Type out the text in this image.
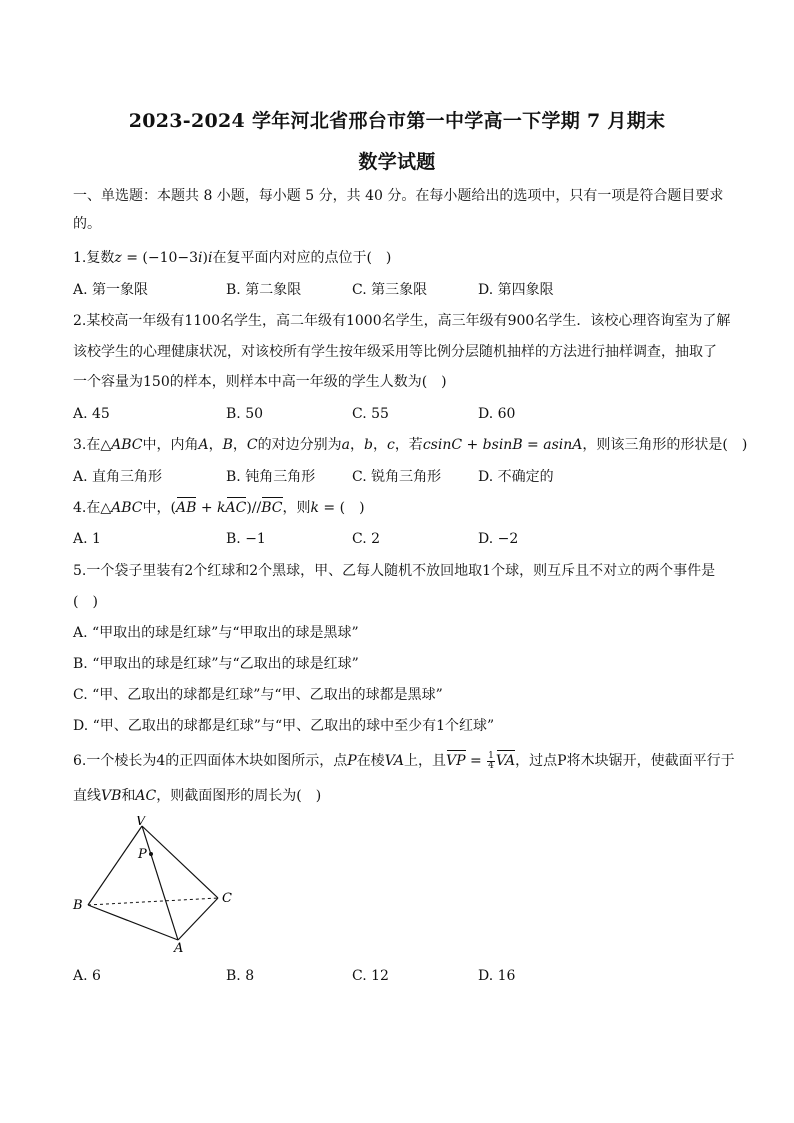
2023-2024 学年河北省邢台市第一中学高一下学期 7 月期末
数学试题
一、单选题：本题共 8 小题，每小题 5 分，共 40 分。在每小题给出的选项中，只有一项是符合题目要求
的。
1.复数z = (−10−3i)i在复平面内对应的点位于(　)
A. 第一象限	B. 第二象限	C. 第三象限	D. 第四象限
2.某校高一年级有1100名学生，高二年级有1000名学生，高三年级有900名学生．该校心理咨询室为了解
该校学生的心理健康状况，对该校所有学生按年级采用等比例分层随机抽样的方法进行抽样调查，抽取了
一个容量为150的样本，则样本中高一年级的学生人数为(　)
A. 45	B. 50	C. 55	D. 60
3.在△ABC中，内角A，B，C的对边分别为a，b，c，若csinC + bsinB = asinA，则该三角形的形状是(　)
A. 直角三角形	B. 钝角三角形	C. 锐角三角形	D. 不确定的
4.在△ABC中，(AB + kAC)//BC，则k = (　)
A. 1	B. −1	C. 2	D. −2
5.一个袋子里装有2个红球和2个黑球，甲、乙每人随机不放回地取1个球，则互斥且不对立的两个事件是
(　)
A. “甲取出的球是红球”与“甲取出的球是黑球”
B. “甲取出的球是红球”与“乙取出的球是红球”
C. “甲、乙取出的球都是红球”与“甲、乙取出的球都是黑球”
D. “甲、乙取出的球都是红球”与“甲、乙取出的球中至少有1个红球”
6.一个棱长为4的正四面体木块如图所示，点P在棱VA上，且VP = $\frac{1}{4}$ VA，过点P将木块锯开，使截面平行于
直线VB和AC，则截面图形的周长为(　)
V
P
B	C
A
A. 6	B. 8	C. 12	D. 16
